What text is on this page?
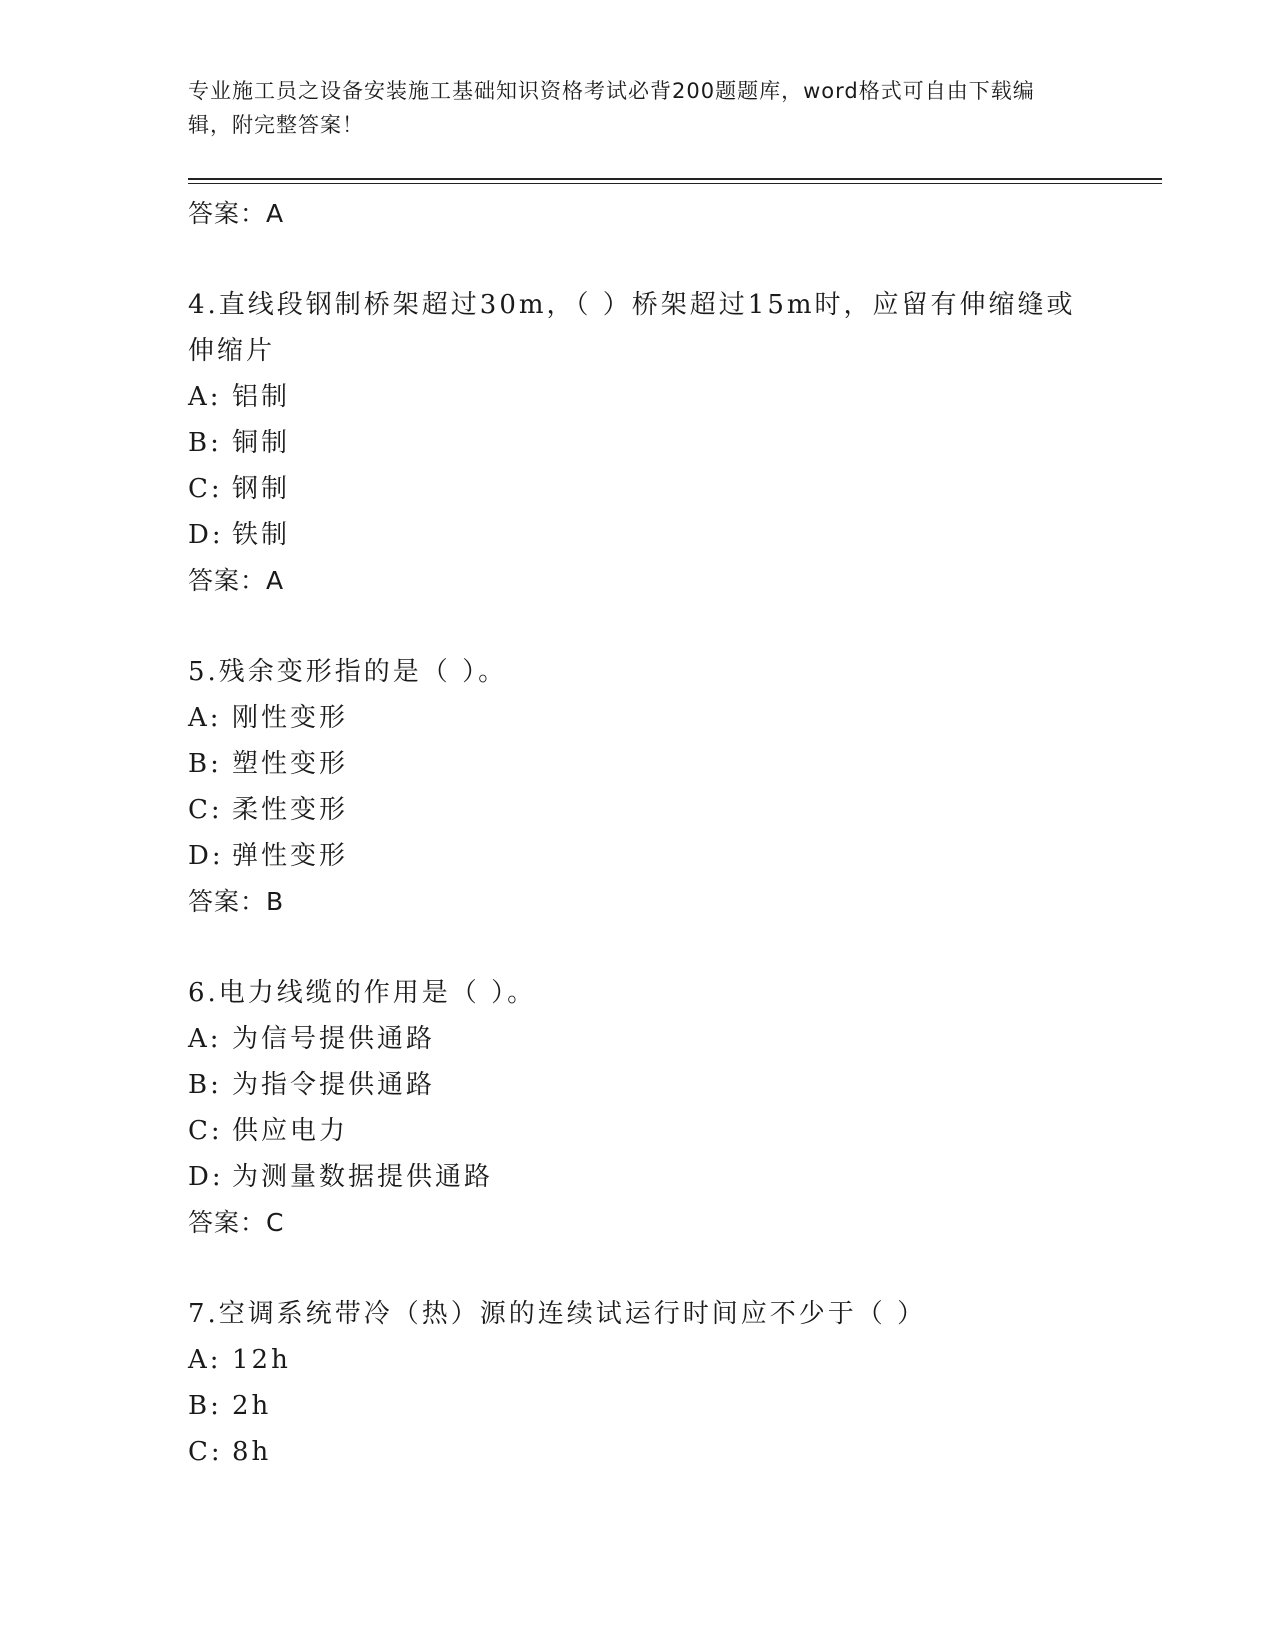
专业施工员之设备安装施工基础知识资格考试必背200题题库，word格式可自由下载编辑，附完整答案！
答案：A
4.直线段钢制桥架超过30m，（ ）桥架超过15m时，应留有伸缩缝或伸缩片
A: 铝制
B: 铜制
C: 钢制
D: 铁制
答案：A
5.残余变形指的是（ ）。
A: 刚性变形
B: 塑性变形
C: 柔性变形
D: 弹性变形
答案：B
6.电力线缆的作用是（ ）。
A: 为信号提供通路
B: 为指令提供通路
C: 供应电力
D: 为测量数据提供通路
答案：C
7.空调系统带冷（热）源的连续试运行时间应不少于（ ）
A: 12h
B: 2h
C: 8h
